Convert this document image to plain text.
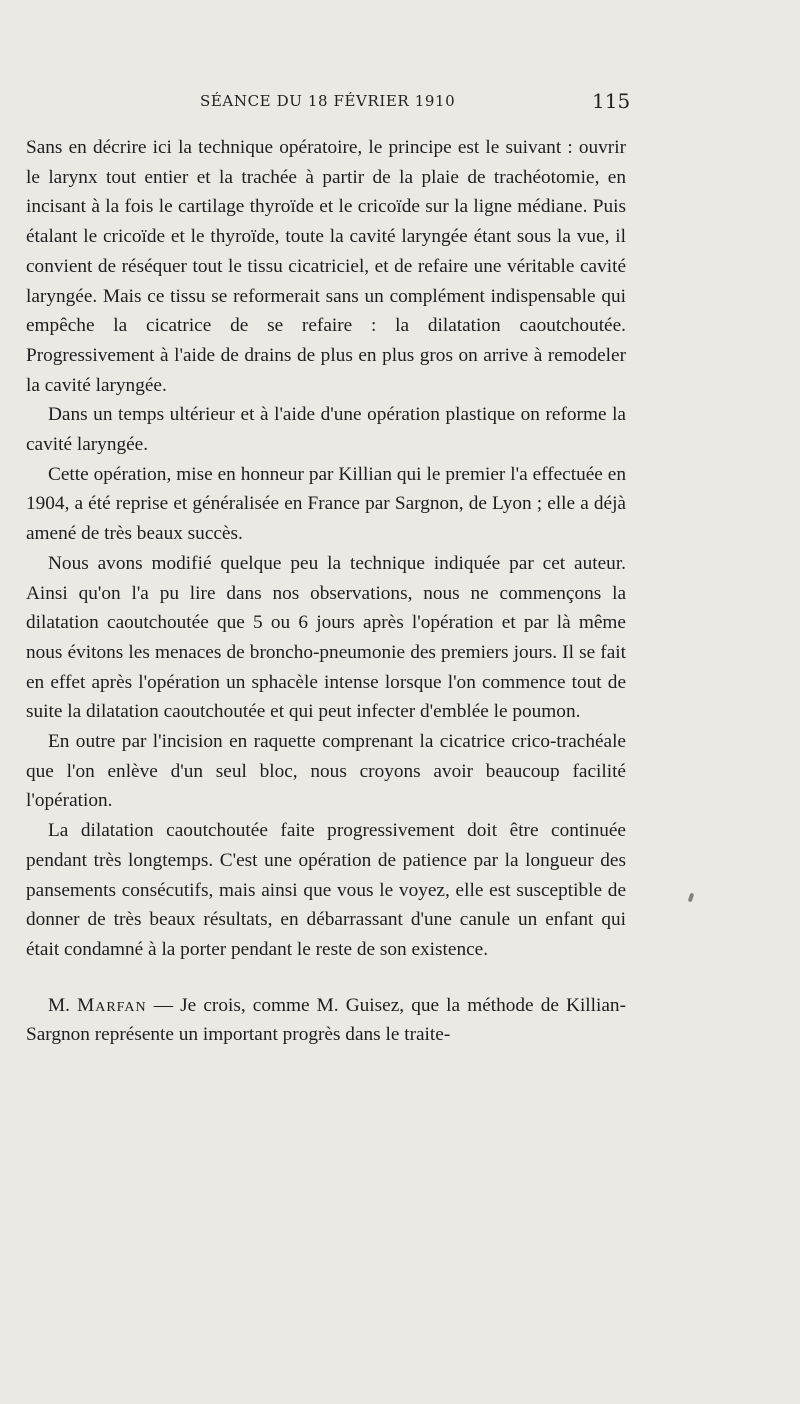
SÉANCE DU 18 FÉVRIER 1910	115

Sans en décrire ici la technique opératoire, le principe est le suivant : ouvrir le larynx tout entier et la trachée à partir de la plaie de trachéotomie, en incisant à la fois le cartilage thyroïde et le cricoïde sur la ligne médiane. Puis étalant le cricoïde et le thyroïde, toute la cavité laryngée étant sous la vue, il convient de réséquer tout le tissu cicatriciel, et de refaire une véritable cavité laryngée. Mais ce tissu se reformerait sans un complément indispensable qui empêche la cicatrice de se refaire : la dilatation caoutchoutée. Progressivement à l'aide de drains de plus en plus gros on arrive à remodeler la cavité laryngée.

Dans un temps ultérieur et à l'aide d'une opération plastique on reforme la cavité laryngée.

Cette opération, mise en honneur par Killian qui le premier l'a effectuée en 1904, a été reprise et généralisée en France par Sargnon, de Lyon ; elle a déjà amené de très beaux succès.

Nous avons modifié quelque peu la technique indiquée par cet auteur. Ainsi qu'on l'a pu lire dans nos observations, nous ne commençons la dilatation caoutchoutée que 5 ou 6 jours après l'opération et par là même nous évitons les menaces de broncho-pneumonie des premiers jours. Il se fait en effet après l'opération un sphacèle intense lorsque l'on commence tout de suite la dilatation caoutchoutée et qui peut infecter d'emblée le poumon.

En outre par l'incision en raquette comprenant la cicatrice crico-trachéale que l'on enlève d'un seul bloc, nous croyons avoir beaucoup facilité l'opération.

La dilatation caoutchoutée faite progressivement doit être continuée pendant très longtemps. C'est une opération de patience par la longueur des pansements consécutifs, mais ainsi que vous le voyez, elle est susceptible de donner de très beaux résultats, en débarrassant d'une canule un enfant qui était condamné à la porter pendant le reste de son existence.

M. Marfan — Je crois, comme M. Guisez, que la méthode de Killian-Sargnon représente un important progrès dans le traite-
